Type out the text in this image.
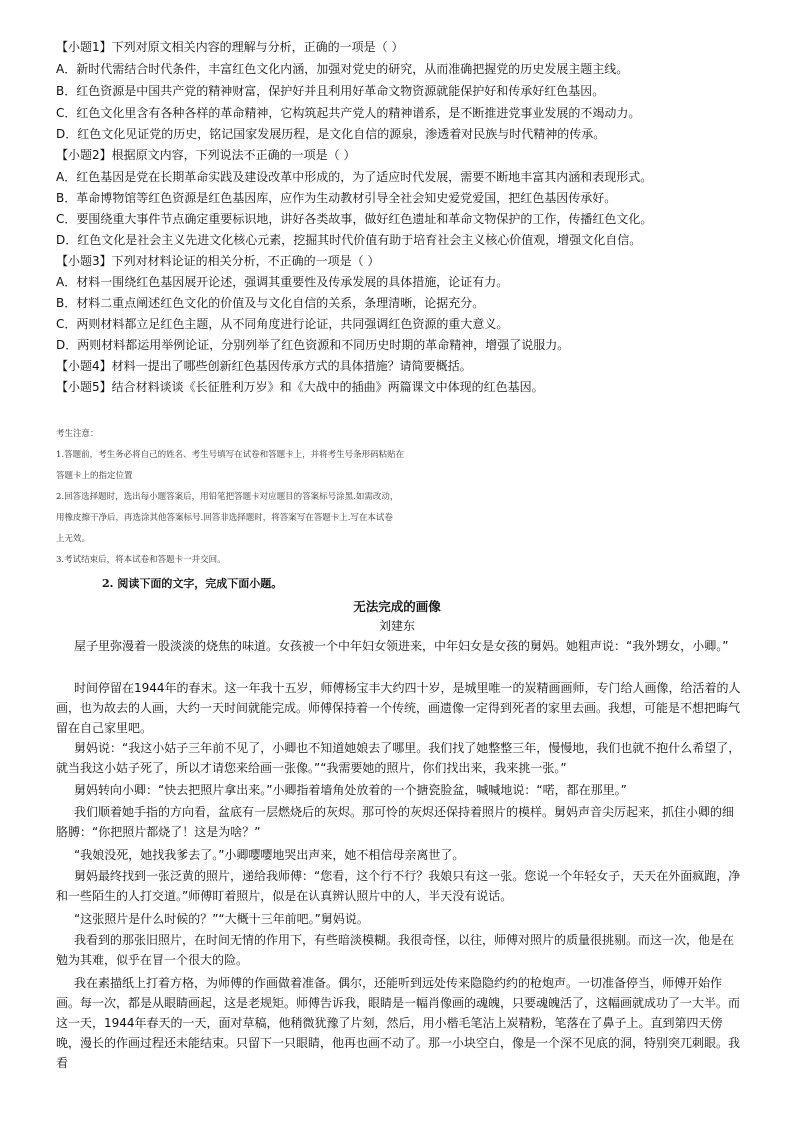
【小题1】下列对原文相关内容的理解与分析，正确的一项是（ ）
A．新时代需结合时代条件，丰富红色文化内涵，加强对党史的研究，从而准确把握党的历史发展主题主线。
B．红色资源是中国共产党的精神财富，保护好并且利用好革命文物资源就能保护好和传承好红色基因。
C．红色文化里含有各种各样的革命精神，它构筑起共产党人的精神谱系，是不断推进党事业发展的不竭动力。
D．红色文化见证党的历史，铭记国家发展历程，是文化自信的源泉，渗透着对民族与时代精神的传承。
【小题2】根据原文内容，下列说法不正确的一项是（ ）
A．红色基因是党在长期革命实践及建设改革中形成的，为了适应时代发展，需要不断地丰富其内涵和表现形式。
B．革命博物馆等红色资源是红色基因库，应作为生动教材引导全社会知史爱党爱国，把红色基因传承好。
C．要围绕重大事件节点确定重要标识地，讲好各类故事，做好红色遗址和革命文物保护的工作，传播红色文化。
D．红色文化是社会主义先进文化核心元素，挖掘其时代价值有助于培育社会主义核心价值观，增强文化自信。
【小题3】下列对材料论证的相关分析，不正确的一项是（ ）
A．材料一围绕红色基因展开论述，强调其重要性及传承发展的具体措施，论证有力。
B．材料二重点阐述红色文化的价值及与文化自信的关系，条理清晰，论据充分。
C．两则材料都立足红色主题，从不同角度进行论证，共同强调红色资源的重大意义。
D．两则材料都运用举例论证，分别列举了红色资源和不同历史时期的革命精神，增强了说服力。
【小题4】材料一提出了哪些创新红色基因传承方式的具体措施？请简要概括。
【小题5】结合材料谈谈《长征胜利万岁》和《大战中的插曲》两篇课文中体现的红色基因。
考生注意：
1.答题前，考生务必将自己的姓名、考生号填写在试卷和答题卡上，并将考生号条形码粘贴在
答题卡上的指定位置
2.回答选择题时，选出每小题答案后，用铅笔把答题卡对应题目的答案标号涂黑.如需改动，
用橡皮擦干净后，再选涂其他答案标号.回答非选择题时，将答案写在答题卡上.写在本试卷
上无效。
3.考试结束后，将本试卷和答题卡一并交回。
2. 阅读下面的文字，完成下面小题。
无法完成的画像
刘建东
屋子里弥漫着一股淡淡的烧焦的味道。女孩被一个中年妇女领进来，中年妇女是女孩的舅妈。她粗声说：“我外甥女，小卿。”
时间停留在1944年的春末。这一年我十五岁，师傅杨宝丰大约四十岁，是城里唯一的炭精画画师，专门给人画像，给活着的人画，也为故去的人画，大约一天时间就能完成。师傅保持着一个传统，画遗像一定得到死者的家里去画。我想，可能是不想把晦气留在自己家里吧。
舅妈说：“我这小姑子三年前不见了，小卿也不知道她娘去了哪里。我们找了她整整三年，慢慢地，我们也就不抱什么希望了，就当我这小姑子死了，所以才请您来给画一张像。”“我需要她的照片，你们找出来，我来挑一张。”
舅妈转向小卿：“快去把照片拿出来。”小卿指着墙角处放着的一个搪瓷脸盆，喊喊地说：“喏，都在那里。”
我们顺着她手指的方向看，盆底有一层燃烧后的灰烬。那可怜的灰烬还保持着照片的模样。舅妈声音尖厉起来，抓住小卿的细胳膊：“你把照片都烧了！这是为啥？”
“我娘没死，她找我爹去了。”小卿嘤嘤地哭出声来，她不相信母亲离世了。
舅妈最终找到一张泛黄的照片，递给我师傅：“您看，这个行不行？我娘只有这一张。您说一个年轻女子，天天在外面疯跑，净和一些陌生的人打交道。”师傅盯着照片，似是在认真辨认照片中的人，半天没有说话。
“这张照片是什么时候的？”“大概十三年前吧。”舅妈说。
我看到的那张旧照片，在时间无情的作用下，有些暗淡模糊。我很奇怪，以往，师傅对照片的质量很挑剔。而这一次，他是在勉为其难，似乎在冒一个很大的险。
我在素描纸上打着方格，为师傅的作画做着准备。偶尔，还能听到远处传来隐隐约约的枪炮声。一切准备停当，师傅开始作画。每一次，都是从眼睛画起，这是老规矩。师傅告诉我，眼睛是一幅肖像画的魂魄，只要魂魄活了，这幅画就成功了一大半。而这一天，1944年春天的一天，面对草稿，他稍微犹豫了片刻，然后，用小楷毛笔沾上炭精粉，笔落在了鼻子上。直到第四天傍晚，漫长的作画过程还未能结束。只留下一只眼睛，他再也画不动了。那一小块空白，像是一个深不见底的洞，特别突兀刺眼。我看
